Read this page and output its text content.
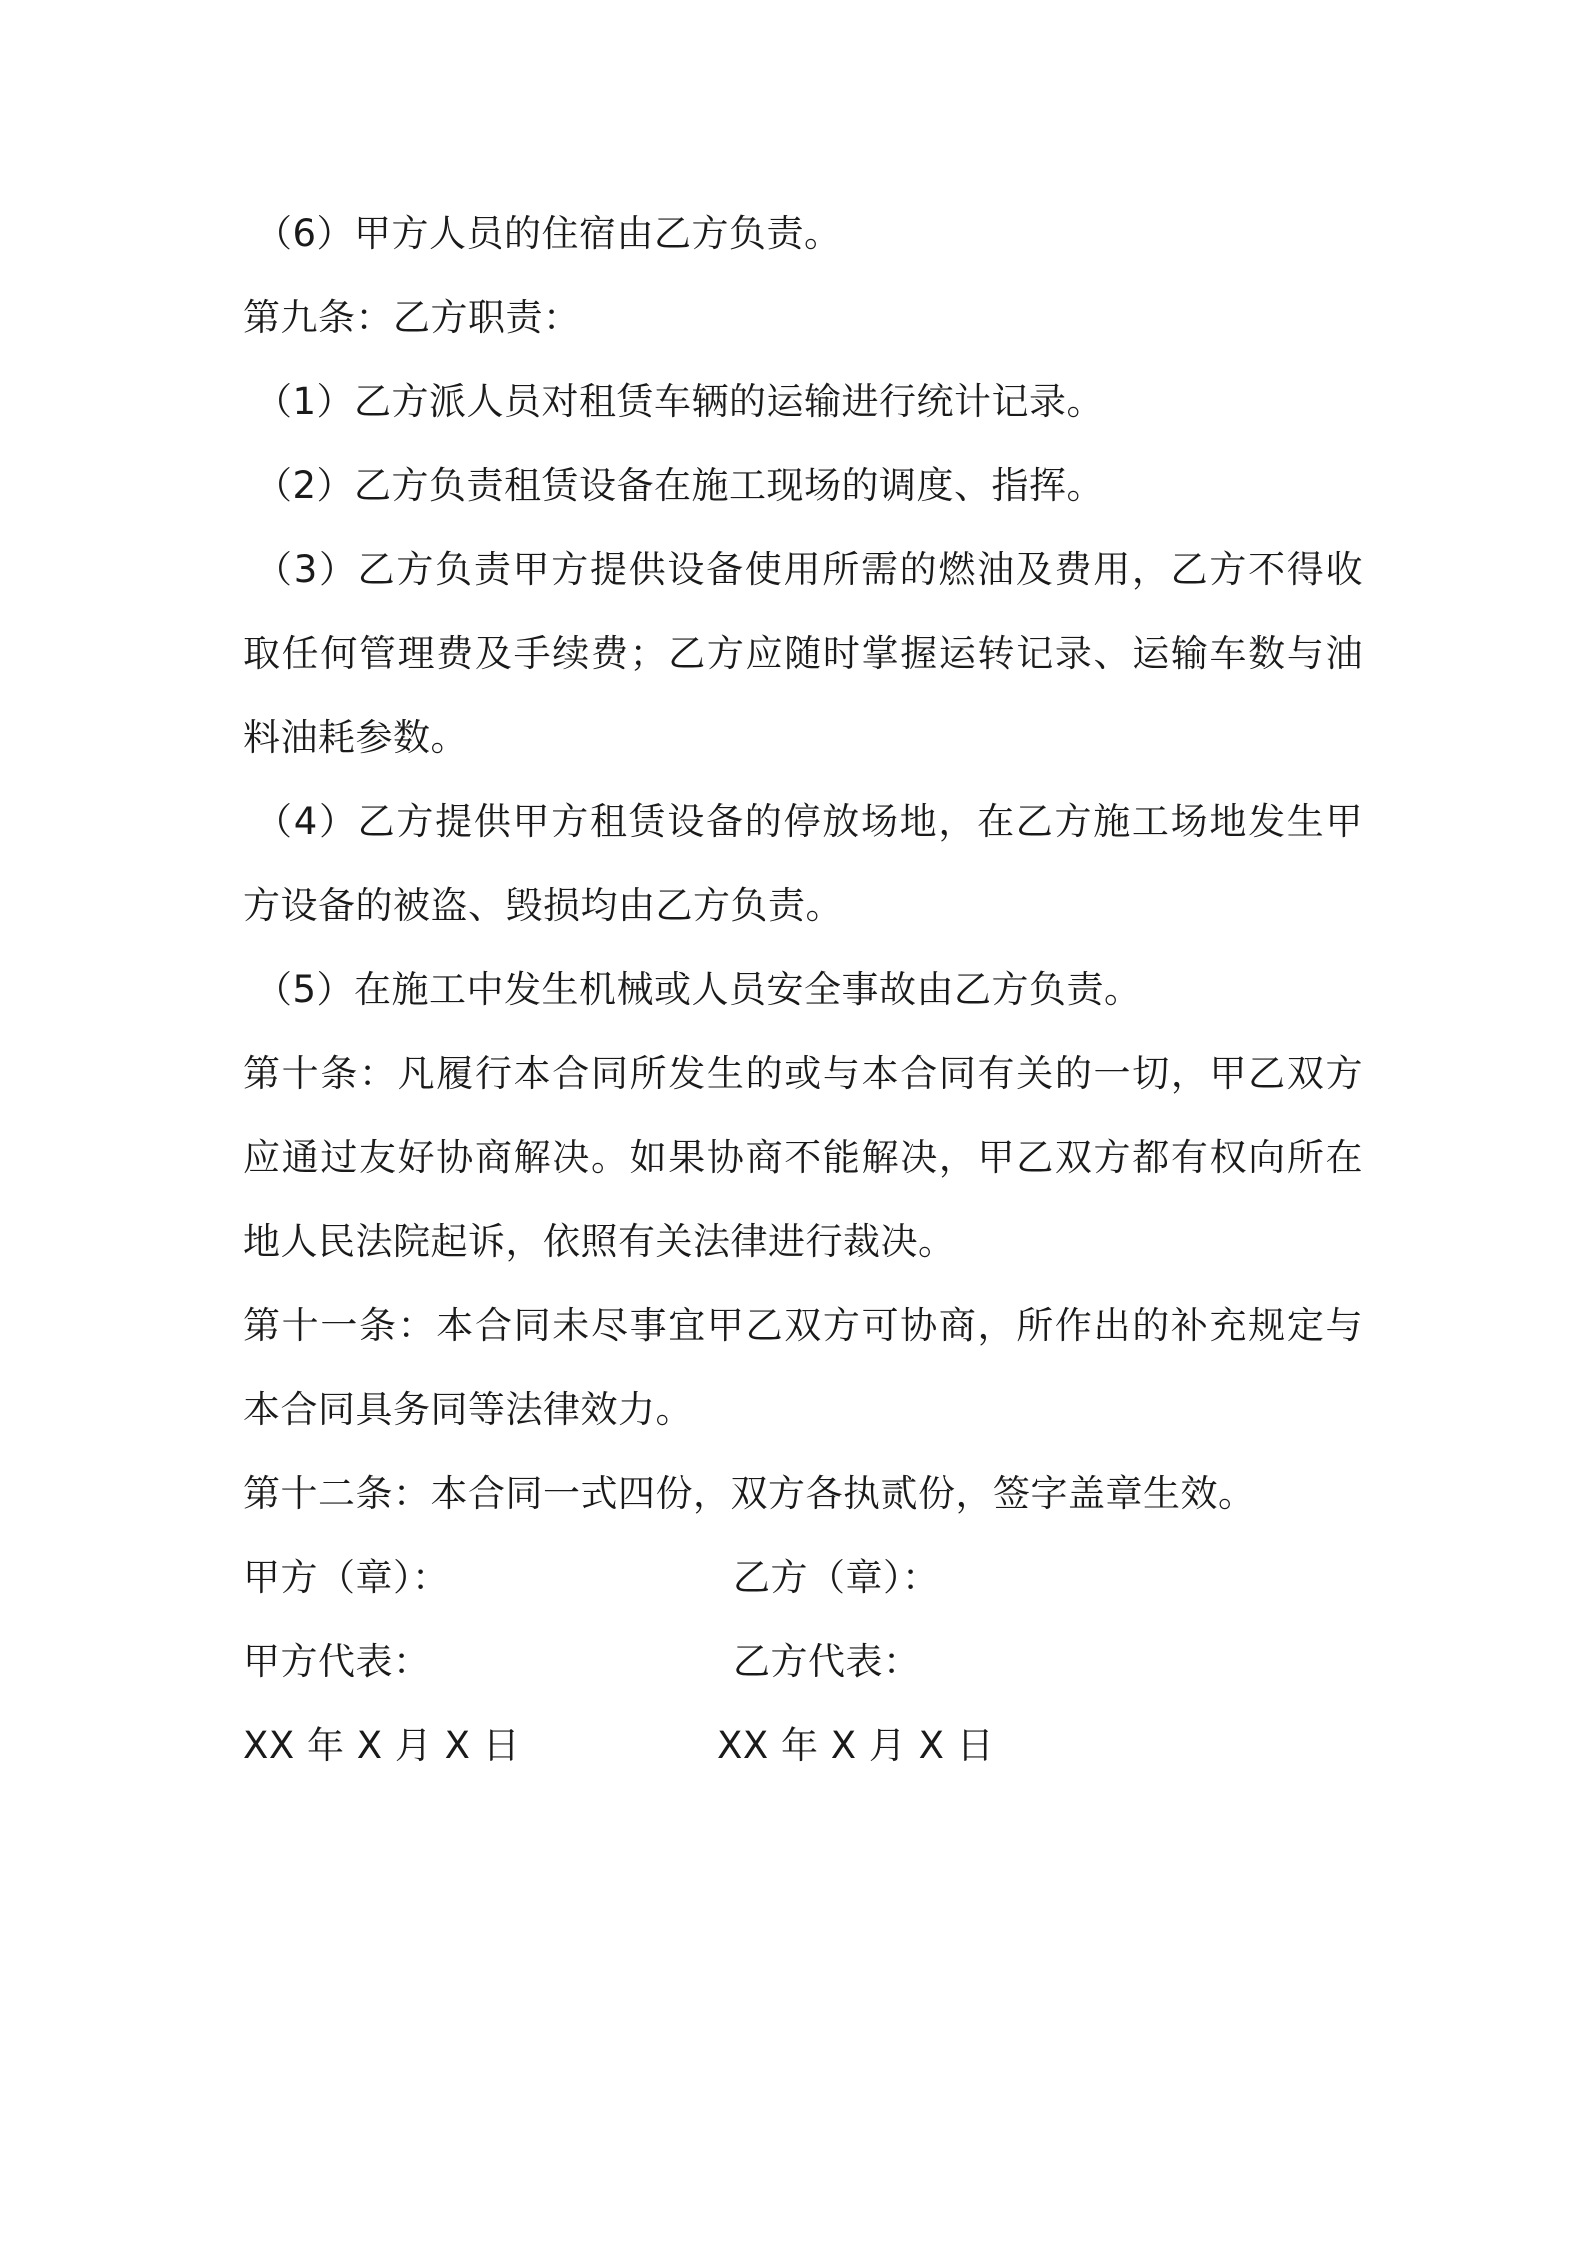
（6）甲方人员的住宿由乙方负责。

第九条：乙方职责：

（1）乙方派人员对租赁车辆的运输进行统计记录。

（2）乙方负责租赁设备在施工现场的调度、指挥。

（3）乙方负责甲方提供设备使用所需的燃油及费用，乙方不得收取任何管理费及手续费；乙方应随时掌握运转记录、运输车数与油料油耗参数。

（4）乙方提供甲方租赁设备的停放场地，在乙方施工场地发生甲方设备的被盗、毁损均由乙方负责。

（5）在施工中发生机械或人员安全事故由乙方负责。

第十条：凡履行本合同所发生的或与本合同有关的一切，甲乙双方应通过友好协商解决。如果协商不能解决，甲乙双方都有权向所在地人民法院起诉，依照有关法律进行裁决。

第十一条：本合同未尽事宜甲乙双方可协商，所作出的补充规定与本合同具务同等法律效力。

第十二条：本合同一式四份，双方各执贰份，签字盖章生效。

甲方（章）：	乙方（章）：
甲方代表：	乙方代表：
XX 年 X 月 X 日	XX 年 X 月 X 日
